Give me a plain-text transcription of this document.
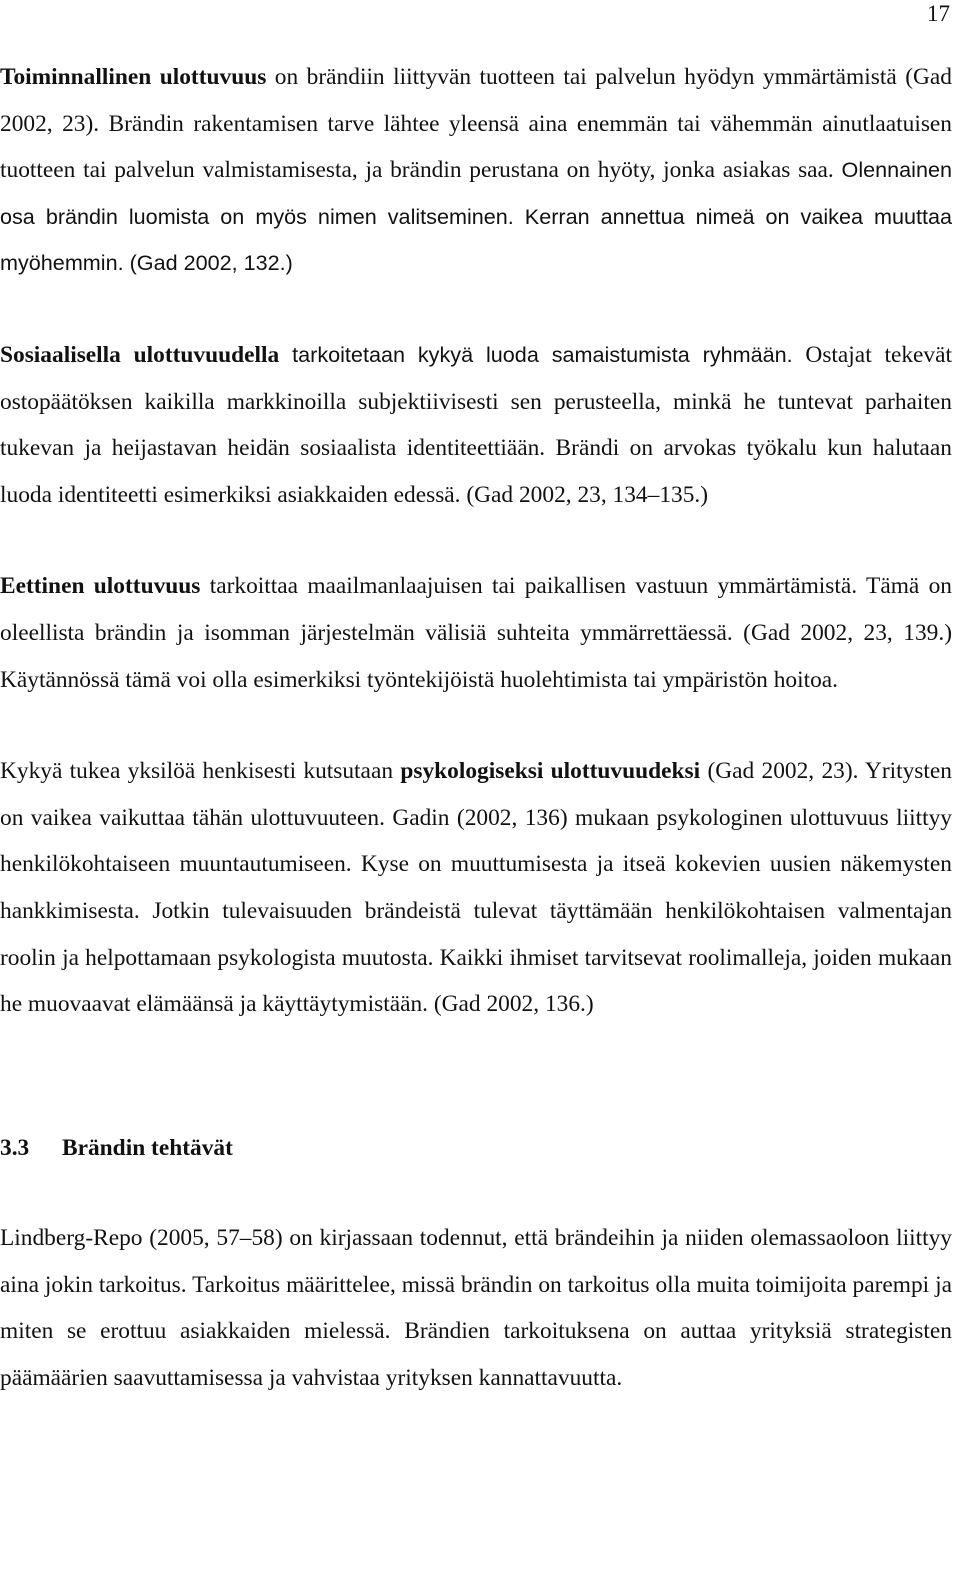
17

Toiminnallinen ulottuvuus on brändiin liittyvän tuotteen tai palvelun hyödyn ymmärtämistä (Gad 2002, 23). Brändin rakentamisen tarve lähtee yleensä aina enemmän tai vähemmän ainutlaatuisen tuotteen tai palvelun valmistamisesta, ja brändin perustana on hyöty, jonka asiakas saa. Olennainen osa brändin luomista on myös nimen valitseminen. Kerran annettua nimeä on vaikea muuttaa myöhemmin. (Gad 2002, 132.)

Sosiaalisella ulottuvuudella tarkoitetaan kykyä luoda samaistumista ryhmään. Ostajat tekevät ostopäätöksen kaikilla markkinoilla subjektiivisesti sen perusteella, minkä he tuntevat parhaiten tukevan ja heijastavan heidän sosiaalista identiteettiään. Brändi on arvokas työkalu kun halutaan luoda identiteetti esimerkiksi asiakkaiden edessä. (Gad 2002, 23, 134–135.)

Eettinen ulottuvuus tarkoittaa maailmanlaajuisen tai paikallisen vastuun ymmärtämistä. Tämä on oleellista brändin ja isomman järjestelmän välisiä suhteita ymmärrettäessä. (Gad 2002, 23, 139.) Käytännössä tämä voi olla esimerkiksi työntekijöistä huolehtimista tai ympäristön hoitoa.

Kykyä tukea yksilöä henkisesti kutsutaan psykologiseksi ulottuvuudeksi (Gad 2002, 23). Yritysten on vaikea vaikuttaa tähän ulottuvuuteen. Gadin (2002, 136) mukaan psykologinen ulottuvuus liittyy henkilökohtaiseen muuntautumiseen. Kyse on muuttumisesta ja itseä kokevien uusien näkemysten hankkimisesta. Jotkin tulevaisuuden brändeistä tulevat täyttämään henkilökohtaisen valmentajan roolin ja helpottamaan psykologista muutosta. Kaikki ihmiset tarvitsevat roolimalleja, joiden mukaan he muovaavat elämäänsä ja käyttäytymistään. (Gad 2002, 136.)

3.3 Brändin tehtävät

Lindberg-Repo (2005, 57–58) on kirjassaan todennut, että brändeihin ja niiden olemassaoloon liittyy aina jokin tarkoitus. Tarkoitus määrittelee, missä brändin on tarkoitus olla muita toimijoita parempi ja miten se erottuu asiakkaiden mielessä. Brändien tarkoituksena on auttaa yrityksiä strategisten päämäärien saavuttamisessa ja vahvistaa yrityksen kannattavuutta.
